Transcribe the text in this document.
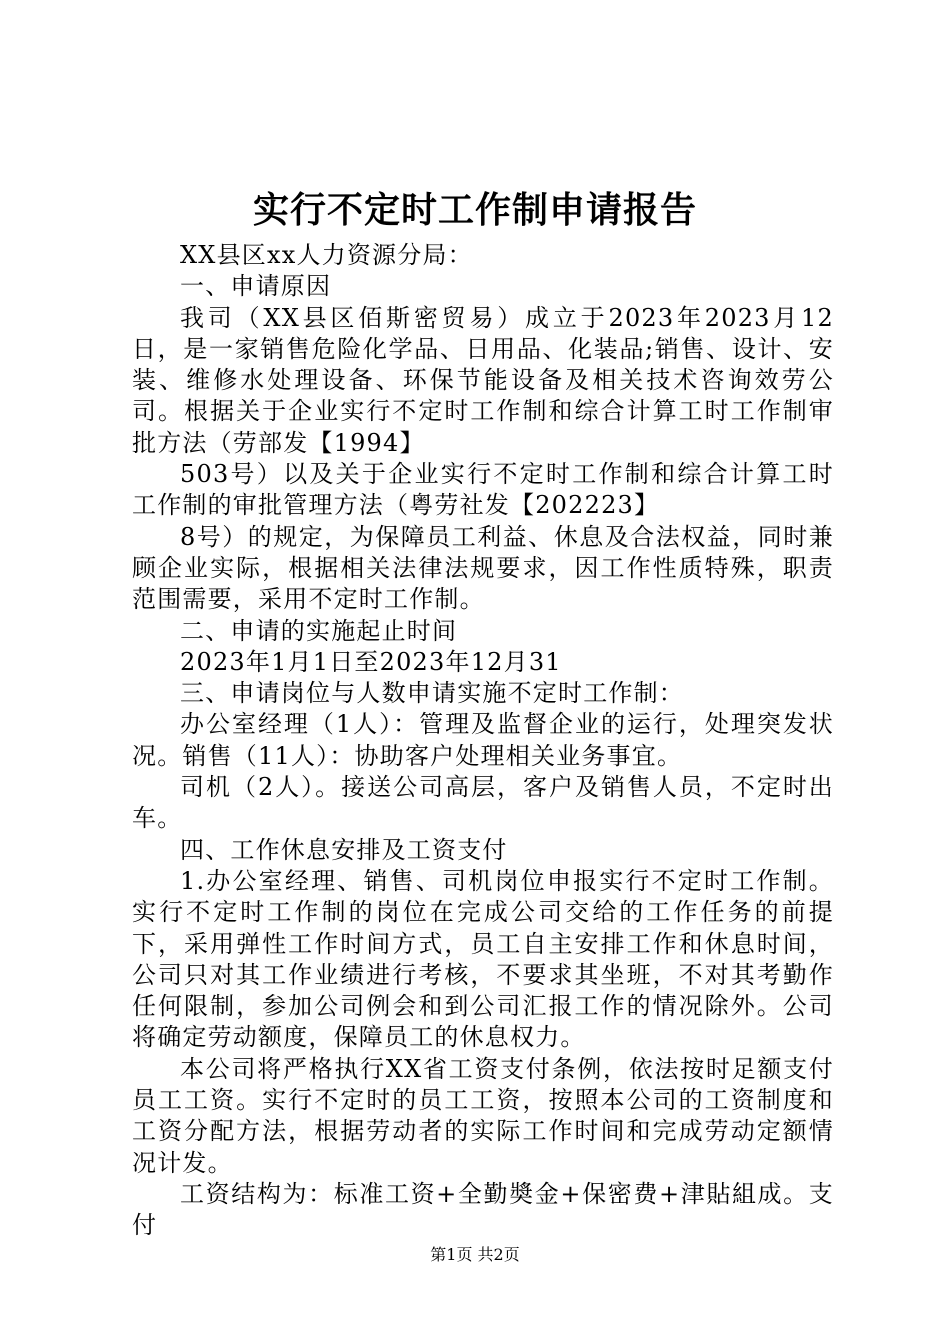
实行不定时工作制申请报告

XX县区xx人力资源分局：

一、申请原因

我司（XX县区佰斯密贸易）成立于2023年2023月12日，是一家销售危险化学品、日用品、化装品;销售、设计、安装、维修水处理设备、环保节能设备及相关技术咨询效劳公司。根据关于企业实行不定时工作制和综合计算工时工作制审批方法（劳部发【1994】

503号）以及关于企业实行不定时工作制和综合计算工时工作制的审批管理方法（粤劳社发【202223】

8号）的规定，为保障员工利益、休息及合法权益，同时兼顾企业实际，根据相关法律法规要求，因工作性质特殊，职责范围需要，采用不定时工作制。

二、申请的实施起止时间

2023年1月1日至2023年12月31

三、申请岗位与人数申请实施不定时工作制：

办公室经理（1人）：管理及监督企业的运行，处理突发状况。销售（11人）：协助客户处理相关业务事宜。

司机（2人）。接送公司高层，客户及销售人员，不定时出车。

四、工作休息安排及工资支付

1.办公室经理、销售、司机岗位申报实行不定时工作制。实行不定时工作制的岗位在完成公司交给的工作任务的前提下，采用弹性工作时间方式，员工自主安排工作和休息时间，公司只对其工作业绩进行考核，不要求其坐班，不对其考勤作任何限制，参加公司例会和到公司汇报工作的情况除外。公司将确定劳动额度，保障员工的休息权力。

本公司将严格执行XX省工资支付条例，依法按时足额支付员工工资。实行不定时的员工工资，按照本公司的工资制度和工资分配方法，根据劳动者的实际工作时间和完成劳动定额情况计发。

工资结构为：标准工资+全勤奬金+保密费+津貼組成。支付

第1页 共2页
